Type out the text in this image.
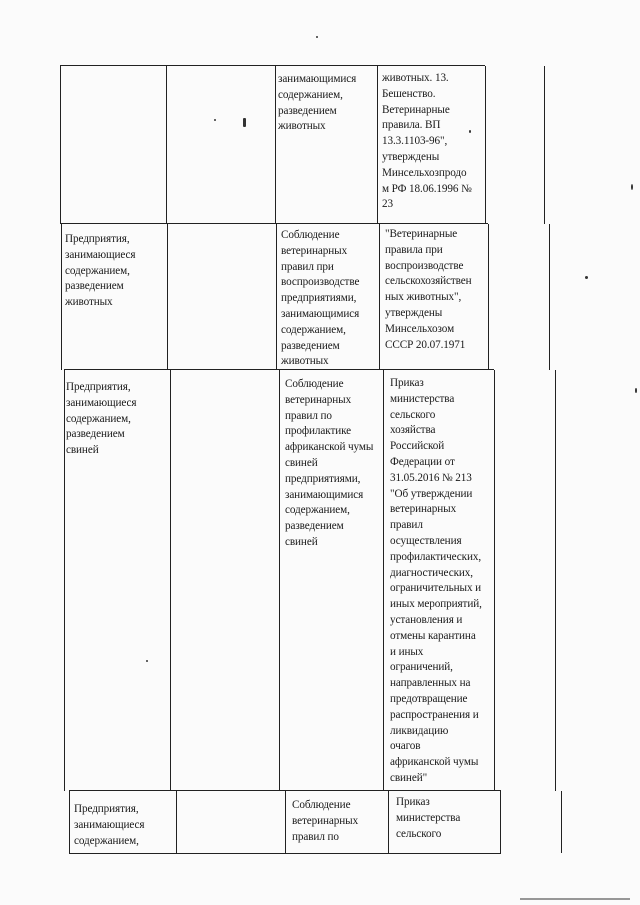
занимающимися
содержанием,
разведением
животных
животных. 13.
Бешенство.
Ветеринарные
правила. ВП
13.3.1103-96",
утверждены
Минсельхозпродо
м РФ 18.06.1996 №
23
Предприятия,
занимающиеся
содержанием,
разведением
животных
Соблюдение
ветеринарных
правил при
воспроизводстве
предприятиями,
занимающимися
содержанием,
разведением
животных
"Ветеринарные
правила при
воспроизводстве
сельскохозяйствен
ных животных",
утверждены
Минсельхозом
СССР 20.07.1971
Предприятия,
занимающиеся
содержанием,
разведением
свиней
Соблюдение
ветеринарных
правил по
профилактике
африканской чумы
свиней
предприятиями,
занимающимися
содержанием,
разведением
свиней
Приказ
министерства
сельского
хозяйства
Российской
Федерации от
31.05.2016 № 213
"Об утверждении
ветеринарных
правил
осуществления
профилактических,
диагностических,
ограничительных и
иных мероприятий,
установления и
отмены карантина
и иных
ограничений,
направленных на
предотвращение
распространения и
ликвидацию
очагов
африканской чумы
свиней"
Предприятия,
занимающиеся
содержанием,
Соблюдение
ветеринарных
правил по
Приказ
министерства
сельского
